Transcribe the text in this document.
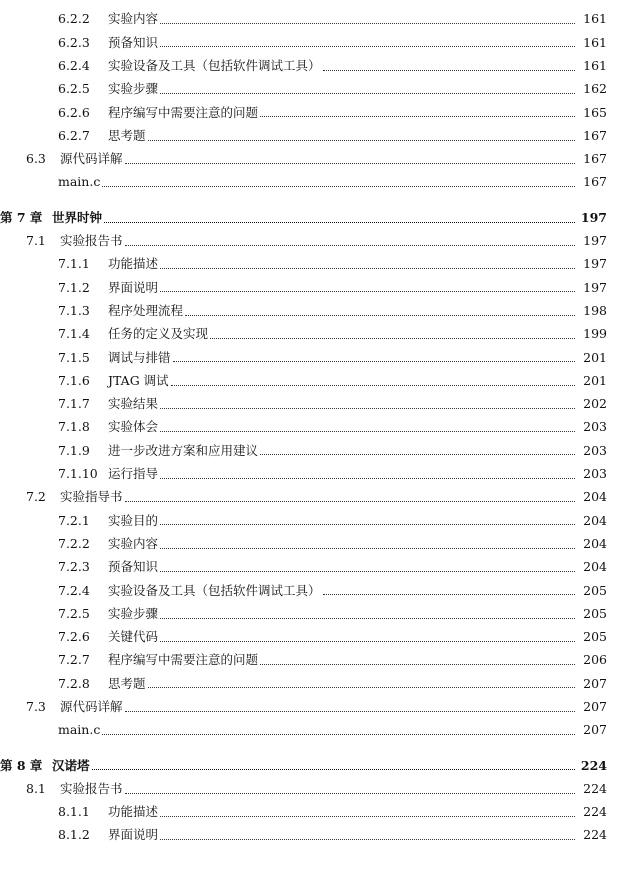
6.2.2	实验内容	161
6.2.3	预备知识	161
6.2.4	实验设备及工具（包括软件调试工具）	161
6.2.5	实验步骤	162
6.2.6	程序编写中需要注意的问题	165
6.2.7	思考题	167
6.3	源代码详解	167
main.c	167
第 7 章 世界时钟	197
7.1	实验报告书	197
7.1.1	功能描述	197
7.1.2	界面说明	197
7.1.3	程序处理流程	198
7.1.4	任务的定义及实现	199
7.1.5	调试与排错	201
7.1.6	JTAG 调试	201
7.1.7	实验结果	202
7.1.8	实验体会	203
7.1.9	进一步改进方案和应用建议	203
7.1.10 运行指导	203
7.2	实验指导书	204
7.2.1	实验目的	204
7.2.2	实验内容	204
7.2.3	预备知识	204
7.2.4	实验设备及工具（包括软件调试工具）	205
7.2.5	实验步骤	205
7.2.6	关键代码	205
7.2.7	程序编写中需要注意的问题	206
7.2.8	思考题	207
7.3	源代码详解	207
main.c	207
第 8 章 汉诺塔	224
8.1	实验报告书	224
8.1.1	功能描述	224
8.1.2	界面说明	224
